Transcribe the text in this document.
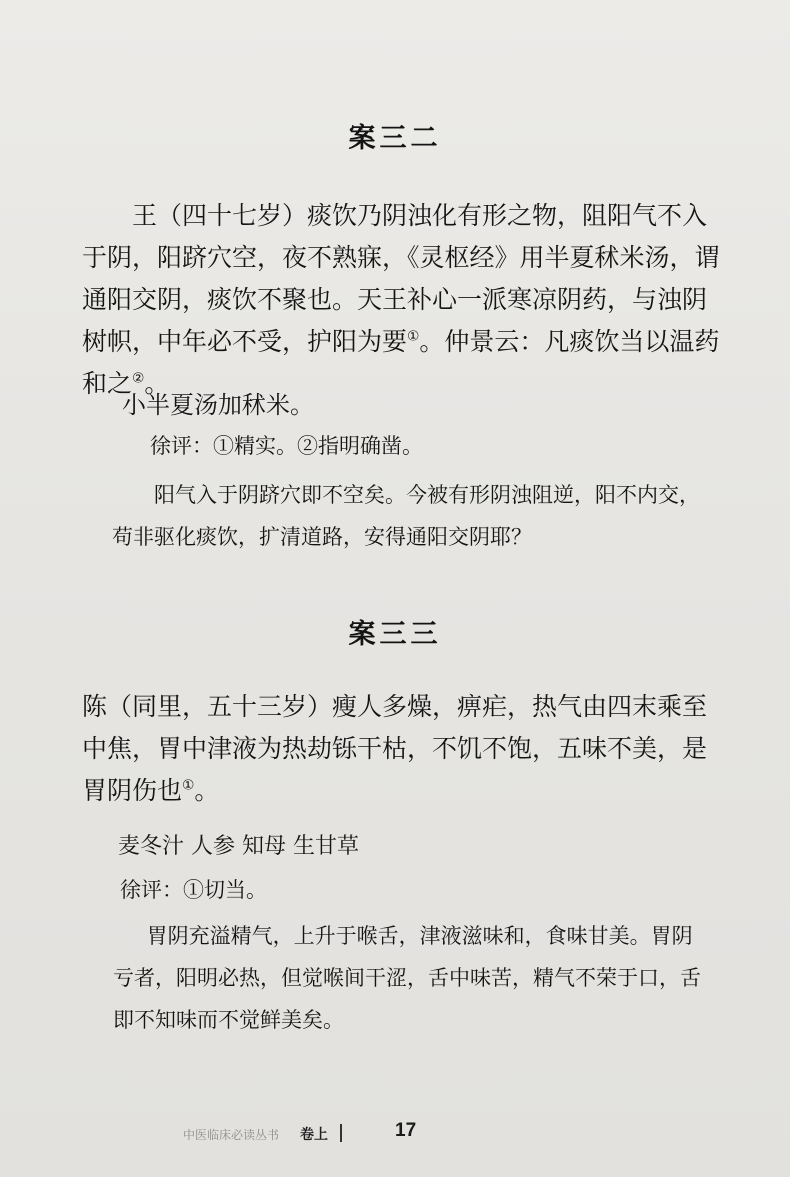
案三二

王（四十七岁）痰饮乃阴浊化有形之物，阻阳气不入于阴，阳跻穴空，夜不熟寐，《灵枢经》用半夏秫米汤，谓通阳交阴，痰饮不聚也。天王补心一派寒凉阴药，与浊阴树帜，中年必不受，护阳为要①。仲景云：凡痰饮当以温药和之②。

小半夏汤加秫米。

徐评：①精实。②指明确凿。

阳气入于阴跻穴即不空矣。今被有形阴浊阻逆，阳不内交，苟非驱化痰饮，扩清道路，安得通阳交阴耶？

案三三

陈（同里，五十三岁）瘦人多燥，痹疟，热气由四末乘至中焦，胃中津液为热劫铄干枯，不饥不饱，五味不美，是胃阴伤也①。

麦冬汁 人参 知母 生甘草

徐评：①切当。

胃阴充溢精气，上升于喉舌，津液滋味和，食味甘美。胃阴亏者，阳明必热，但觉喉间干涩，舌中味苦，精气不荣于口，舌即不知味而不觉鲜美矣。

中医临床必读丛书 卷上	17
